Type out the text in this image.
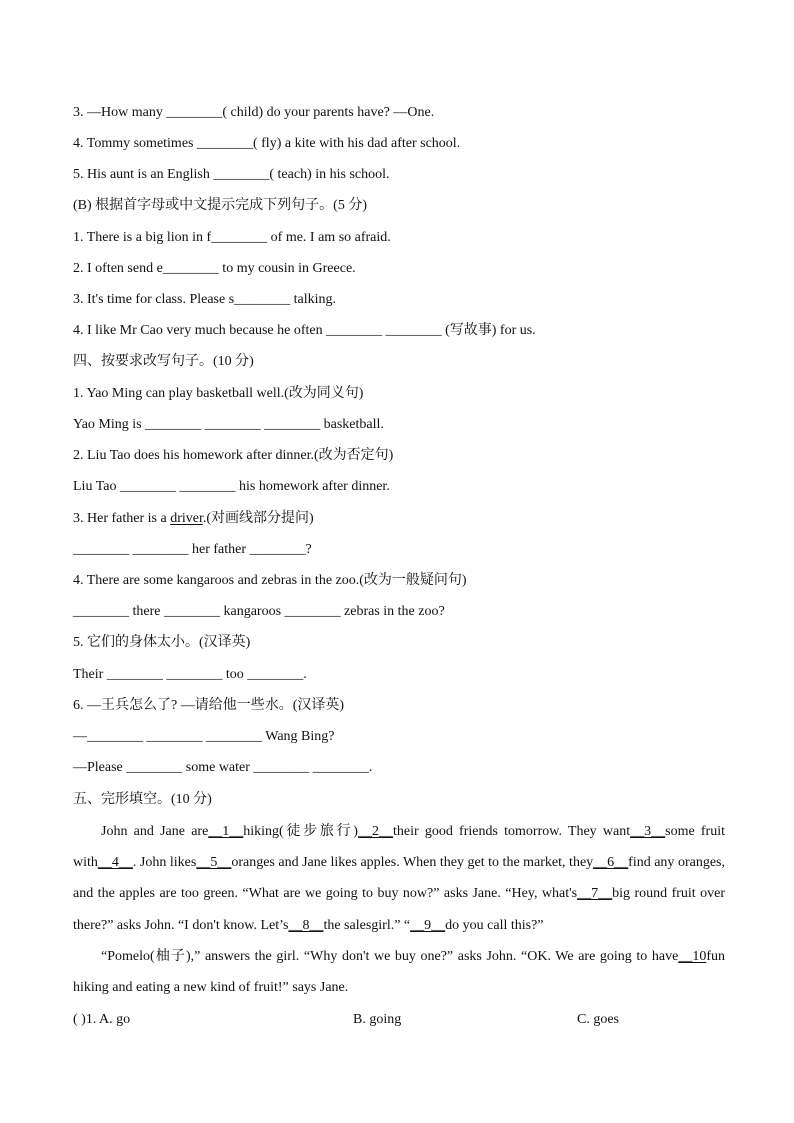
3. —How many ________( child) do your parents have? —One.
4. Tommy sometimes ________( fly) a kite with his dad after school.
5. His aunt is an English ________( teach) in his school.
(B) 根据首字母或中文提示完成下列句子。(5 分)
1. There is a big lion in f________ of me. I am so afraid.
2. I often send e________ to my cousin in Greece.
3. It's time for class. Please s________ talking.
4. I like Mr Cao very much because he often ________ ________ (写故事) for us.
四、按要求改写句子。(10 分)
1. Yao Ming can play basketball well.(改为同义句)
Yao Ming is ________ ________ ________ basketball.
2. Liu Tao does his homework after dinner.(改为否定句)
Liu Tao ________ ________ his homework after dinner.
3. Her father is a driver.(对画线部分提问)
________ ________ her father ________?
4. There are some kangaroos and zebras in the zoo.(改为一般疑问句)
________ there ________ kangaroos ________ zebras in the zoo?
5. 它们的身体太小。(汉译英)
Their ________ ________ too ________.
6. —王兵怎么了? —请给他一些水。(汉译英)
—________ ________ ________ Wang Bing?
—Please ________ some water ________ ________.
五、完形填空。(10 分)
John and Jane are__1__hiking(徒步旅行)__2__their good friends tomorrow. They want__3__some fruit with__4__. John likes__5__oranges and Jane likes apples. When they get to the market, they__6__find any oranges, and the apples are too green. “What are we going to buy now?” asks Jane. “Hey, what's__7__big round fruit over there?” asks John. “I don't know. Let’s__8__the salesgirl.” “__9__do you call this?”
“Pomelo(柚子),” answers the girl. “Why don't we buy one?” asks John. “OK. We are going to have__10fun hiking and eating a new kind of fruit!” says Jane.
( )1. A. go	B. going	C. goes
